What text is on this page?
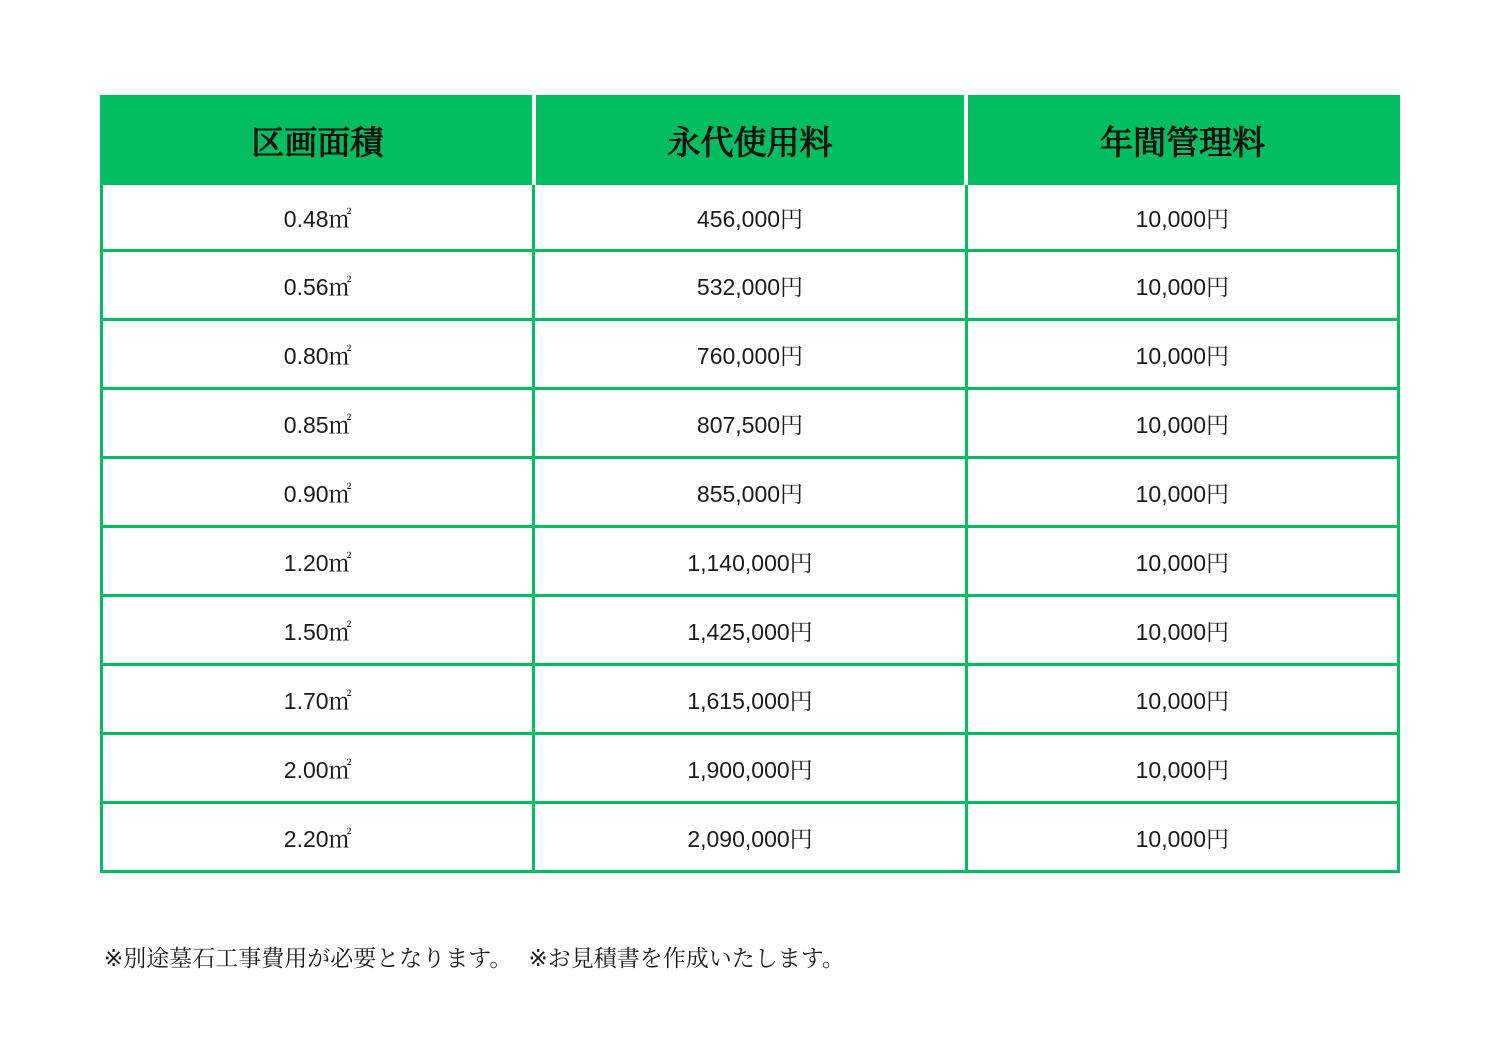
区画面積	永代使用料	年間管理料
0.48㎡	456,000円	10,000円
0.56㎡	532,000円	10,000円
0.80㎡	760,000円	10,000円
0.85㎡	807,500円	10,000円
0.90㎡	855,000円	10,000円
1.20㎡	1,140,000円	10,000円
1.50㎡	1,425,000円	10,000円
1.70㎡	1,615,000円	10,000円
2.00㎡	1,900,000円	10,000円
2.20㎡	2,090,000円	10,000円
※別途墓石工事費用が必要となります。 ※お見積書を作成いたします。
